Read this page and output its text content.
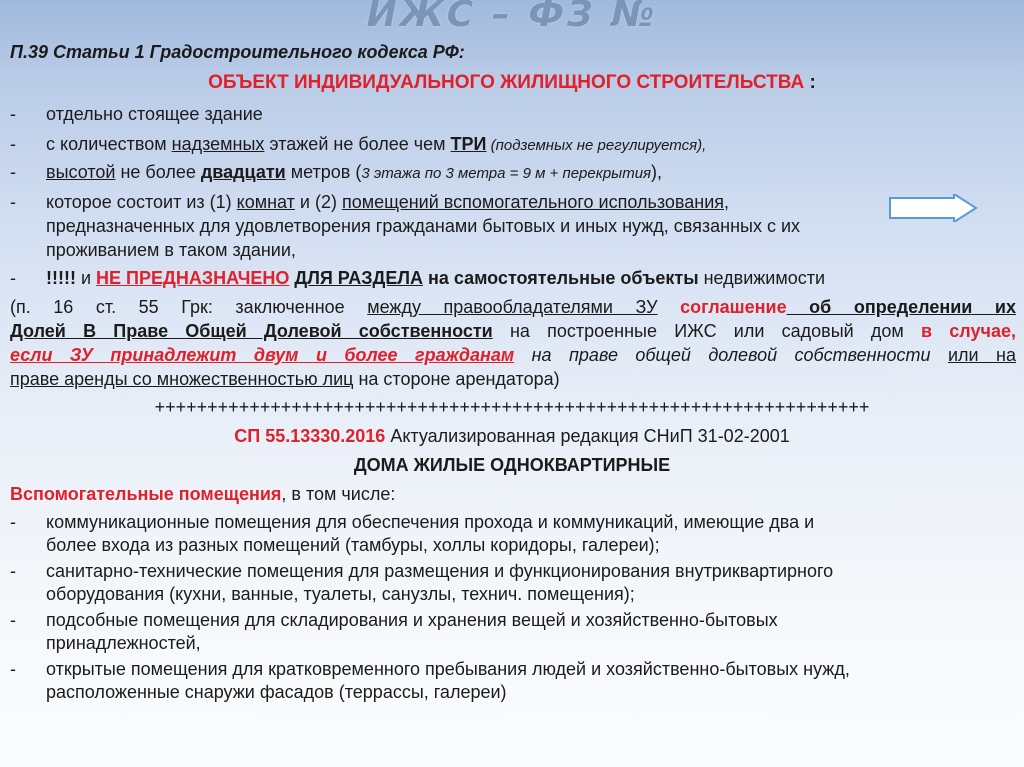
ИЖС – ФЗ №
П.39 Статьи 1 Градостроительного кодекса РФ:
ОБЪЕКТ ИНДИВИДУАЛЬНОГО ЖИЛИЩНОГО СТРОИТЕЛЬСТВА :
- отдельно стоящее здание
- с количеством надземных этажей не более чем ТРИ (подземных не регулируется),
- высотой не более двадцати метров (3 этажа по 3 метра = 9 м + перекрытия),
- которое состоит из (1) комнат и (2) помещений вспомогательного использования,
предназначенных для удовлетворения гражданами бытовых и иных нужд, связанных с их
проживанием в таком здании,
- !!!!! и НЕ ПРЕДНАЗНАЧЕНО ДЛЯ РАЗДЕЛА на самостоятельные объекты недвижимости
(п. 16 ст. 55 Грк: заключенное между правообладателями ЗУ соглашение об определении их
Долей В Праве Общей Долевой собственности на построенные ИЖС или садовый дом в случае,
если ЗУ принадлежит двум и более гражданам на праве общей долевой собственности или на
праве аренды со множественностью лиц на стороне арендатора)
++++++++++++++++++++++++++++++++++++++++++++++++++++++++++++++++++++
СП 55.13330.2016 Актуализированная редакция СНиП 31-02-2001
ДОМА ЖИЛЫЕ ОДНОКВАРТИРНЫЕ
Вспомогательные помещения, в том числе:
- коммуникационные помещения для обеспечения прохода и коммуникаций, имеющие два и
более входа из разных помещений (тамбуры, холлы коридоры, галереи);
- санитарно-технические помещения для размещения и функционирования внутриквартирного
оборудования (кухни, ванные, туалеты, санузлы, технич. помещения);
- подсобные помещения для складирования и хранения вещей и хозяйственно-бытовых
принадлежностей,
- открытые помещения для кратковременного пребывания людей и хозяйственно-бытовых нужд,
расположенные снаружи фасадов (террассы, галереи)
